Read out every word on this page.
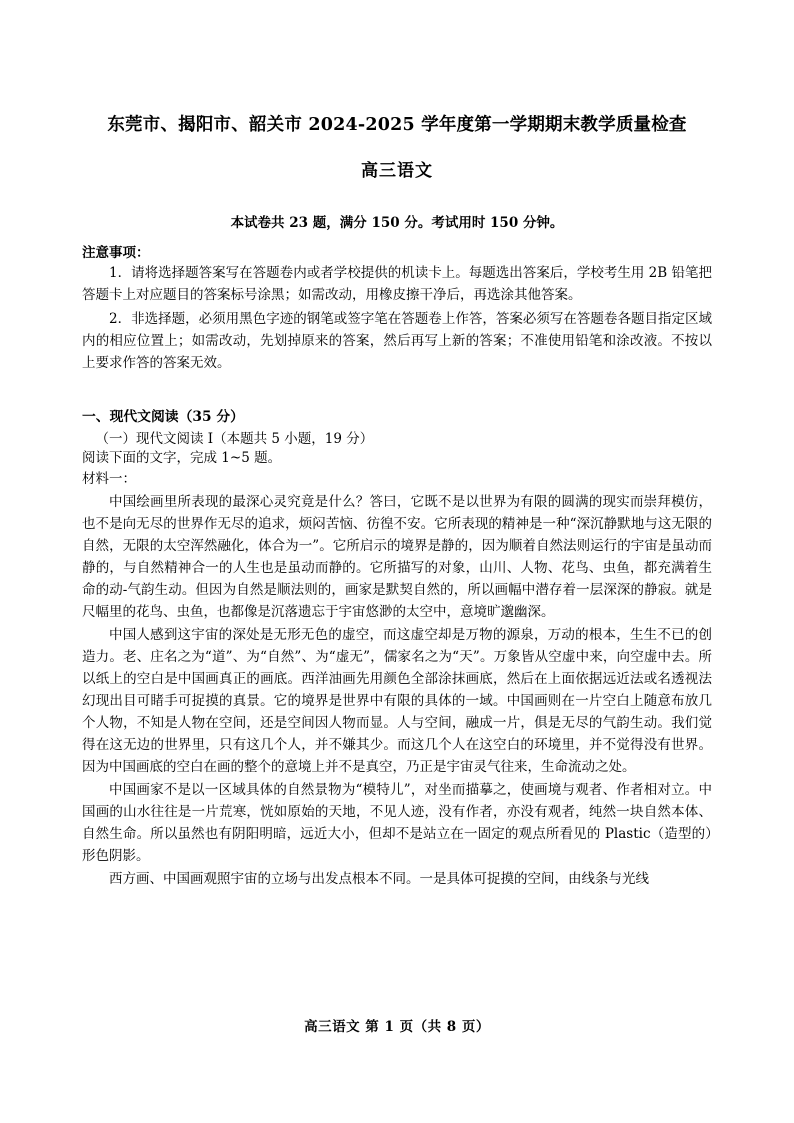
东莞市、揭阳市、韶关市 2024-2025 学年度第一学期期末教学质量检查
高三语文

本试卷共 23 题，满分 150 分。考试用时 150 分钟。

注意事项：

1．请将选择题答案写在答题卷内或者学校提供的机读卡上。每题选出答案后，学校考生用 2B 铅笔把答题卡上对应题目的答案标号涂黑；如需改动，用橡皮擦干净后，再选涂其他答案。

2．非选择题，必须用黑色字迹的钢笔或签字笔在答题卷上作答，答案必须写在答题卷各题目指定区域内的相应位置上；如需改动，先划掉原来的答案，然后再写上新的答案；不准使用铅笔和涂改液。不按以上要求作答的答案无效。

一、现代文阅读（35 分）

（一）现代文阅读 I（本题共 5 小题，19 分）

阅读下面的文字，完成 1~5 题。

材料一：

中国绘画里所表现的最深心灵究竟是什么？答曰，它既不是以世界为有限的圆满的现实而崇拜模仿，也不是向无尽的世界作无尽的追求，烦闷苦恼、彷徨不安。它所表现的精神是一种“深沉静默地与这无限的自然，无限的太空浑然融化，体合为一”。它所启示的境界是静的，因为顺着自然法则运行的宇宙是虽动而静的，与自然精神合一的人生也是虽动而静的。它所描写的对象，山川、人物、花鸟、虫鱼，都充满着生命的动-气韵生动。但因为自然是顺法则的，画家是默契自然的，所以画幅中潜存着一层深深的静寂。就是尺幅里的花鸟、虫鱼，也都像是沉落遗忘于宇宙悠渺的太空中，意境旷邈幽深。

中国人感到这宇宙的深处是无形无色的虚空，而这虚空却是万物的源泉，万动的根本，生生不已的创造力。老、庄名之为“道”、为“自然”、为“虚无”，儒家名之为“天”。万象皆从空虚中来，向空虚中去。所以纸上的空白是中国画真正的画底。西洋油画先用颜色全部涂抹画底，然后在上面依据远近法或名透视法幻现出目可睹手可捉摸的真景。它的境界是世界中有限的具体的一域。中国画则在一片空白上随意布放几个人物，不知是人物在空间，还是空间因人物而显。人与空间，融成一片，俱是无尽的气韵生动。我们觉得在这无边的世界里，只有这几个人，并不嫌其少。而这几个人在这空白的环境里，并不觉得没有世界。因为中国画底的空白在画的整个的意境上并不是真空，乃正是宇宙灵气往来，生命流动之处。

中国画家不是以一区域具体的自然景物为“模特儿”，对坐而描摹之，使画境与观者、作者相对立。中国画的山水往往是一片荒寒，恍如原始的天地，不见人迹，没有作者，亦没有观者，纯然一块自然本体、自然生命。所以虽然也有阴阳明暗，远近大小，但却不是站立在一固定的观点所看见的 Plastic（造型的）形色阴影。

西方画、中国画观照宇宙的立场与出发点根本不同。一是具体可捉摸的空间，由线条与光线

高三语文 第 1 页（共 8 页）
